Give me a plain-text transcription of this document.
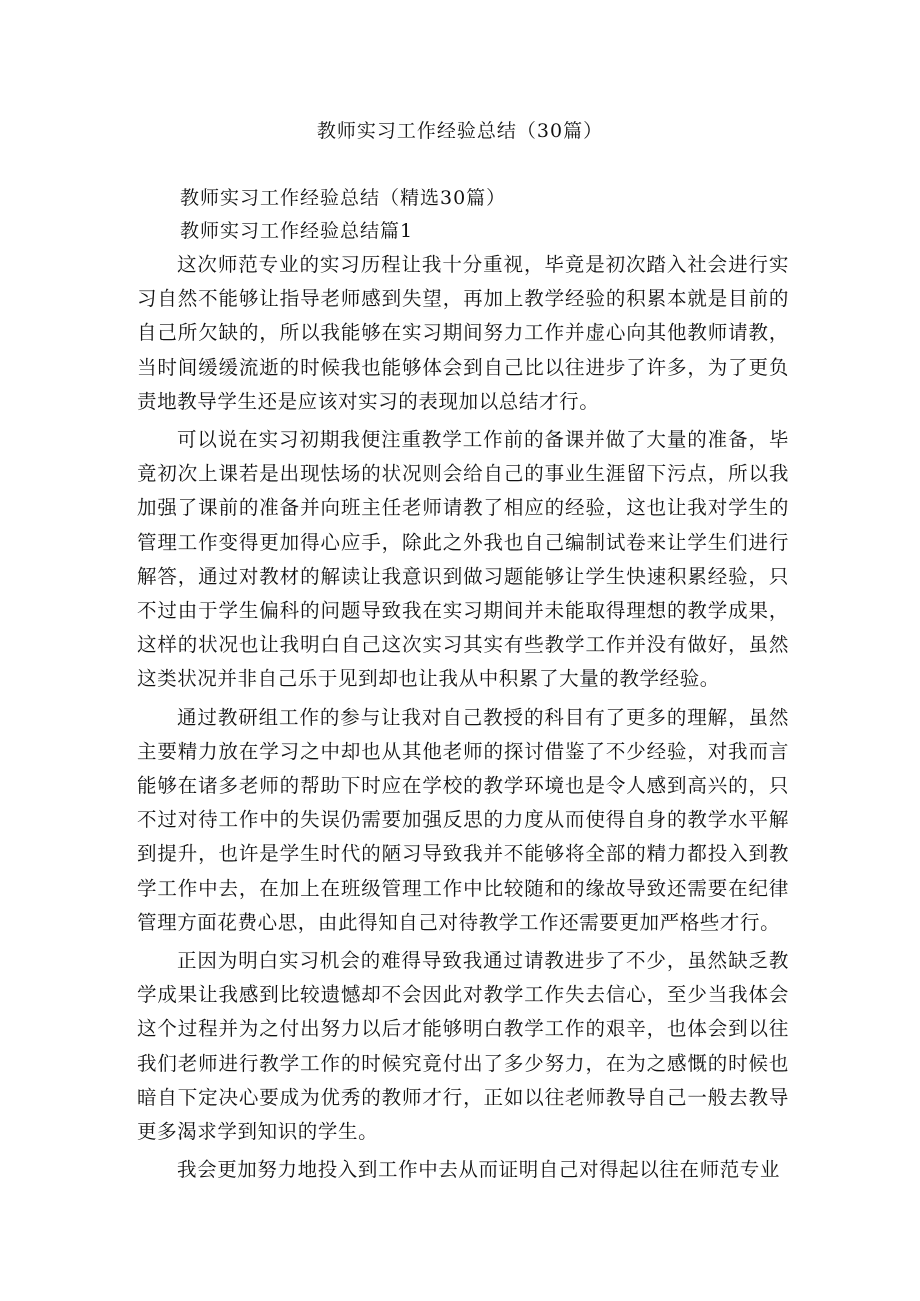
教师实习工作经验总结（30篇）

教师实习工作经验总结（精选30篇）

教师实习工作经验总结篇1

这次师范专业的实习历程让我十分重视，毕竟是初次踏入社会进行实习自然不能够让指导老师感到失望，再加上教学经验的积累本就是目前的自己所欠缺的，所以我能够在实习期间努力工作并虚心向其他教师请教，当时间缓缓流逝的时候我也能够体会到自己比以往进步了许多，为了更负责地教导学生还是应该对实习的表现加以总结才行。

可以说在实习初期我便注重教学工作前的备课并做了大量的准备，毕竟初次上课若是出现怯场的状况则会给自己的事业生涯留下污点，所以我加强了课前的准备并向班主任老师请教了相应的经验，这也让我对学生的管理工作变得更加得心应手，除此之外我也自己编制试卷来让学生们进行解答，通过对教材的解读让我意识到做习题能够让学生快速积累经验，只不过由于学生偏科的问题导致我在实习期间并未能取得理想的教学成果，这样的状况也让我明白自己这次实习其实有些教学工作并没有做好，虽然这类状况并非自己乐于见到却也让我从中积累了大量的教学经验。

通过教研组工作的参与让我对自己教授的科目有了更多的理解，虽然主要精力放在学习之中却也从其他老师的探讨借鉴了不少经验，对我而言能够在诸多老师的帮助下时应在学校的教学环境也是令人感到高兴的，只不过对待工作中的失误仍需要加强反思的力度从而使得自身的教学水平解到提升，也许是学生时代的陋习导致我并不能够将全部的精力都投入到教学工作中去，在加上在班级管理工作中比较随和的缘故导致还需要在纪律管理方面花费心思，由此得知自己对待教学工作还需要更加严格些才行。

正因为明白实习机会的难得导致我通过请教进步了不少，虽然缺乏教学成果让我感到比较遗憾却不会因此对教学工作失去信心，至少当我体会这个过程并为之付出努力以后才能够明白教学工作的艰辛，也体会到以往我们老师进行教学工作的时候究竟付出了多少努力，在为之感慨的时候也暗自下定决心要成为优秀的教师才行，正如以往老师教导自己一般去教导更多渴求学到知识的学生。

我会更加努力地投入到工作中去从而证明自己对得起以往在师范专业
